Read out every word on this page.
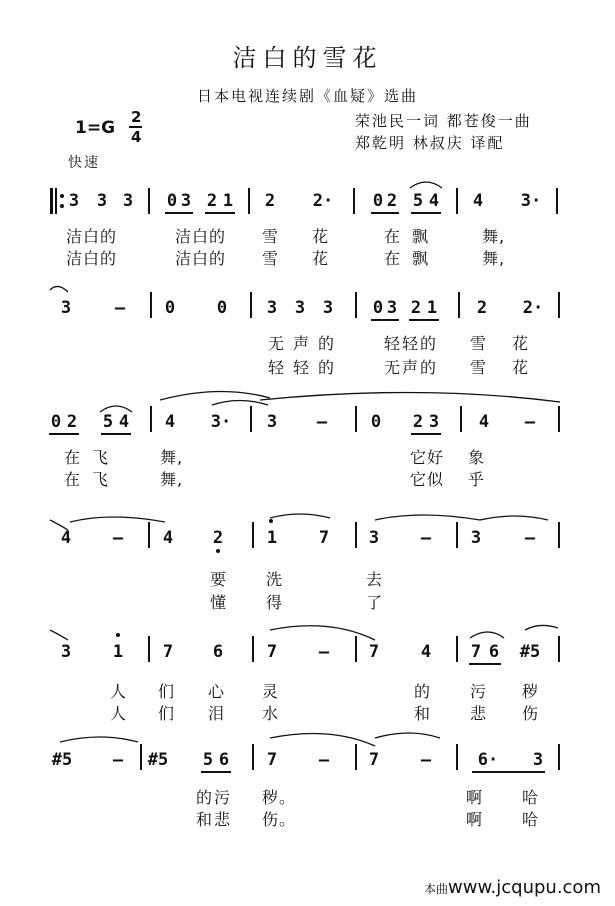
洁白的雪花
日本电视连续剧《血疑》选曲
荣池民一词 都苍俊一曲
郑乾明 林叔庆 译配
1=G
2
4
快速
3 3 3 0 3 2 1 2 2· 0 2 5 4 4 3·
洁白的	洁白的 雪 花	在飘	舞,
洁白的	洁白的 雪 花	在飘	舞,
3	— 0 0 3 3 3 0 3 2 1 2 2·
无声的	轻轻的 雪 花
轻轻的	无声的 雪 花
0 2 5 4 4 3· 3 —	0 2 3 4 —
在飞 舞,	它好 象
在飞 舞,	它似 乎
4 — 4 2	1 7 3 — 3	—
要 洗	去
懂 得	了
3 1 7 6	7 — 7 4 7 6 #5
人 们 心 灵	的 污 秽
人 们 泪 水	和 悲 伤
#5 — #5 5 6 7 — 7 —	6· 3
的污 秽。	啊 哈
和悲 伤。	啊 哈
本曲www.jcqupu.com
